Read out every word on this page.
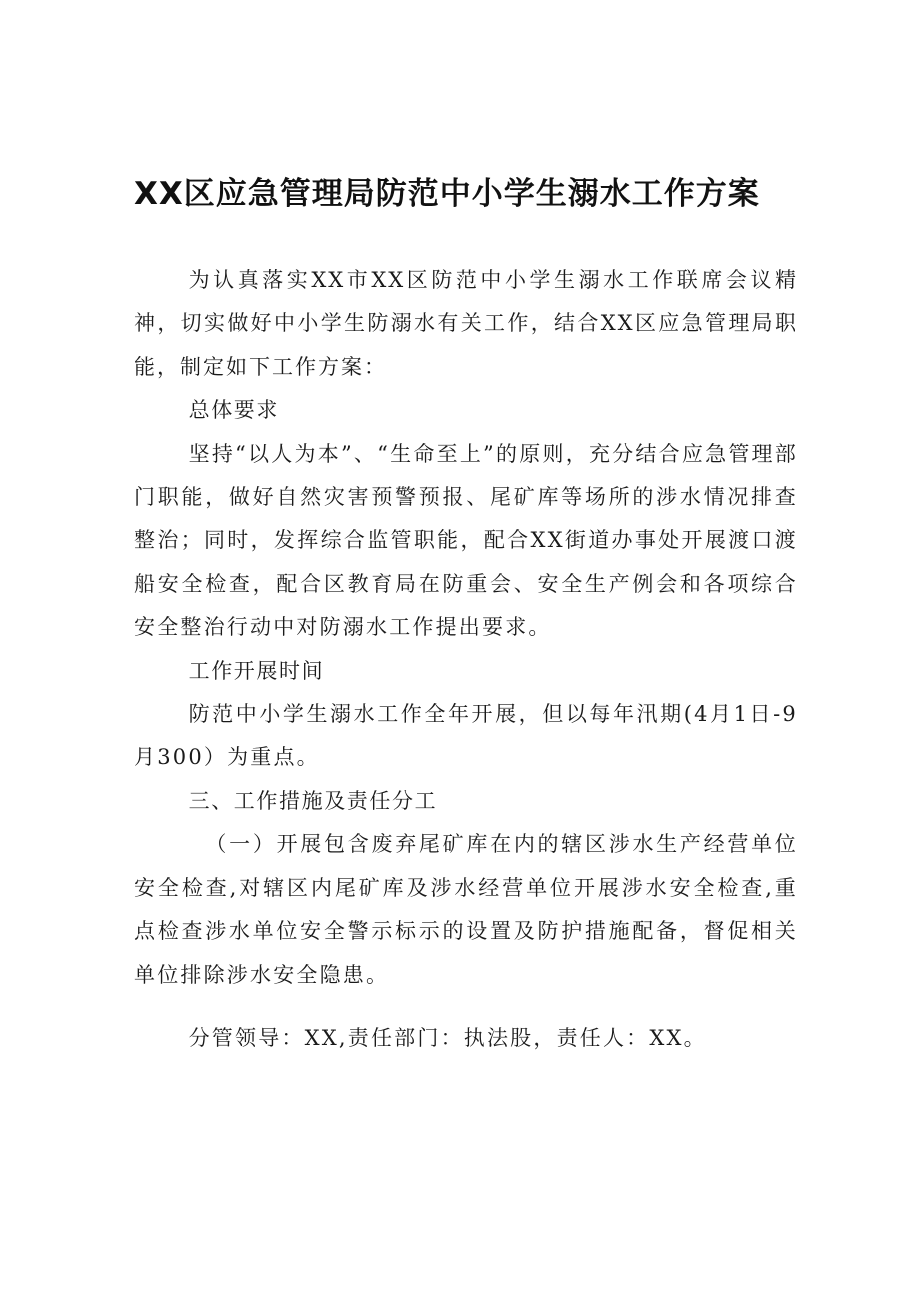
XX区应急管理局防范中小学生溺水工作方案

为认真落实XX市XX区防范中小学生溺水工作联席会议精神，切实做好中小学生防溺水有关工作，结合XX区应急管理局职能，制定如下工作方案：

总体要求

坚持“以人为本”、“生命至上”的原则，充分结合应急管理部门职能，做好自然灾害预警预报、尾矿库等场所的涉水情况排查整治；同时，发挥综合监管职能，配合XX街道办事处开展渡口渡船安全检查，配合区教育局在防重会、安全生产例会和各项综合安全整治行动中对防溺水工作提出要求。

工作开展时间

防范中小学生溺水工作全年开展，但以每年汛期(4月1日-9月300）为重点。

三、工作措施及责任分工

（一）开展包含废弃尾矿库在内的辖区涉水生产经营单位安全检查,对辖区内尾矿库及涉水经营单位开展涉水安全检查,重点检查涉水单位安全警示标示的设置及防护措施配备，督促相关单位排除涉水安全隐患。

分管领导：XX,责任部门：执法股，责任人：XX。
